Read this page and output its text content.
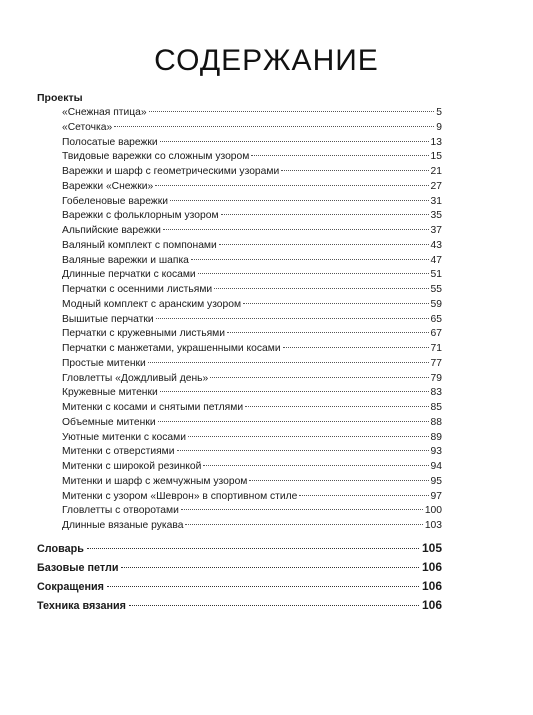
СОДЕРЖАНИЕ
Проекты
«Снежная птица»	5
«Сеточка»	9
Полосатые варежки	13
Твидовые варежки со сложным узором	15
Варежки и шарф с геометрическими узорами	21
Варежки «Снежки»	27
Гобеленовые варежки	31
Варежки с фольклорным узором	35
Альпийские варежки	37
Валяный комплект с помпонами	43
Валяные варежки и шапка	47
Длинные перчатки с косами	51
Перчатки с осенними листьями	55
Модный комплект с аранским узором	59
Вышитые перчатки	65
Перчатки с кружевными листьями	67
Перчатки с манжетами, украшенными косами	71
Простые митенки	77
Гловлетты «Дождливый день»	79
Кружевные митенки	83
Митенки с косами и снятыми петлями	85
Объемные митенки	88
Уютные митенки с косами	89
Митенки с отверстиями	93
Митенки с широкой резинкой	94
Митенки и шарф с жемчужным узором	95
Митенки с узором «Шеврон» в спортивном стиле	97
Гловлетты с отворотами	100
Длинные вязаные рукава	103
Словарь	105
Базовые петли	106
Сокращения	106
Техника вязания	106
